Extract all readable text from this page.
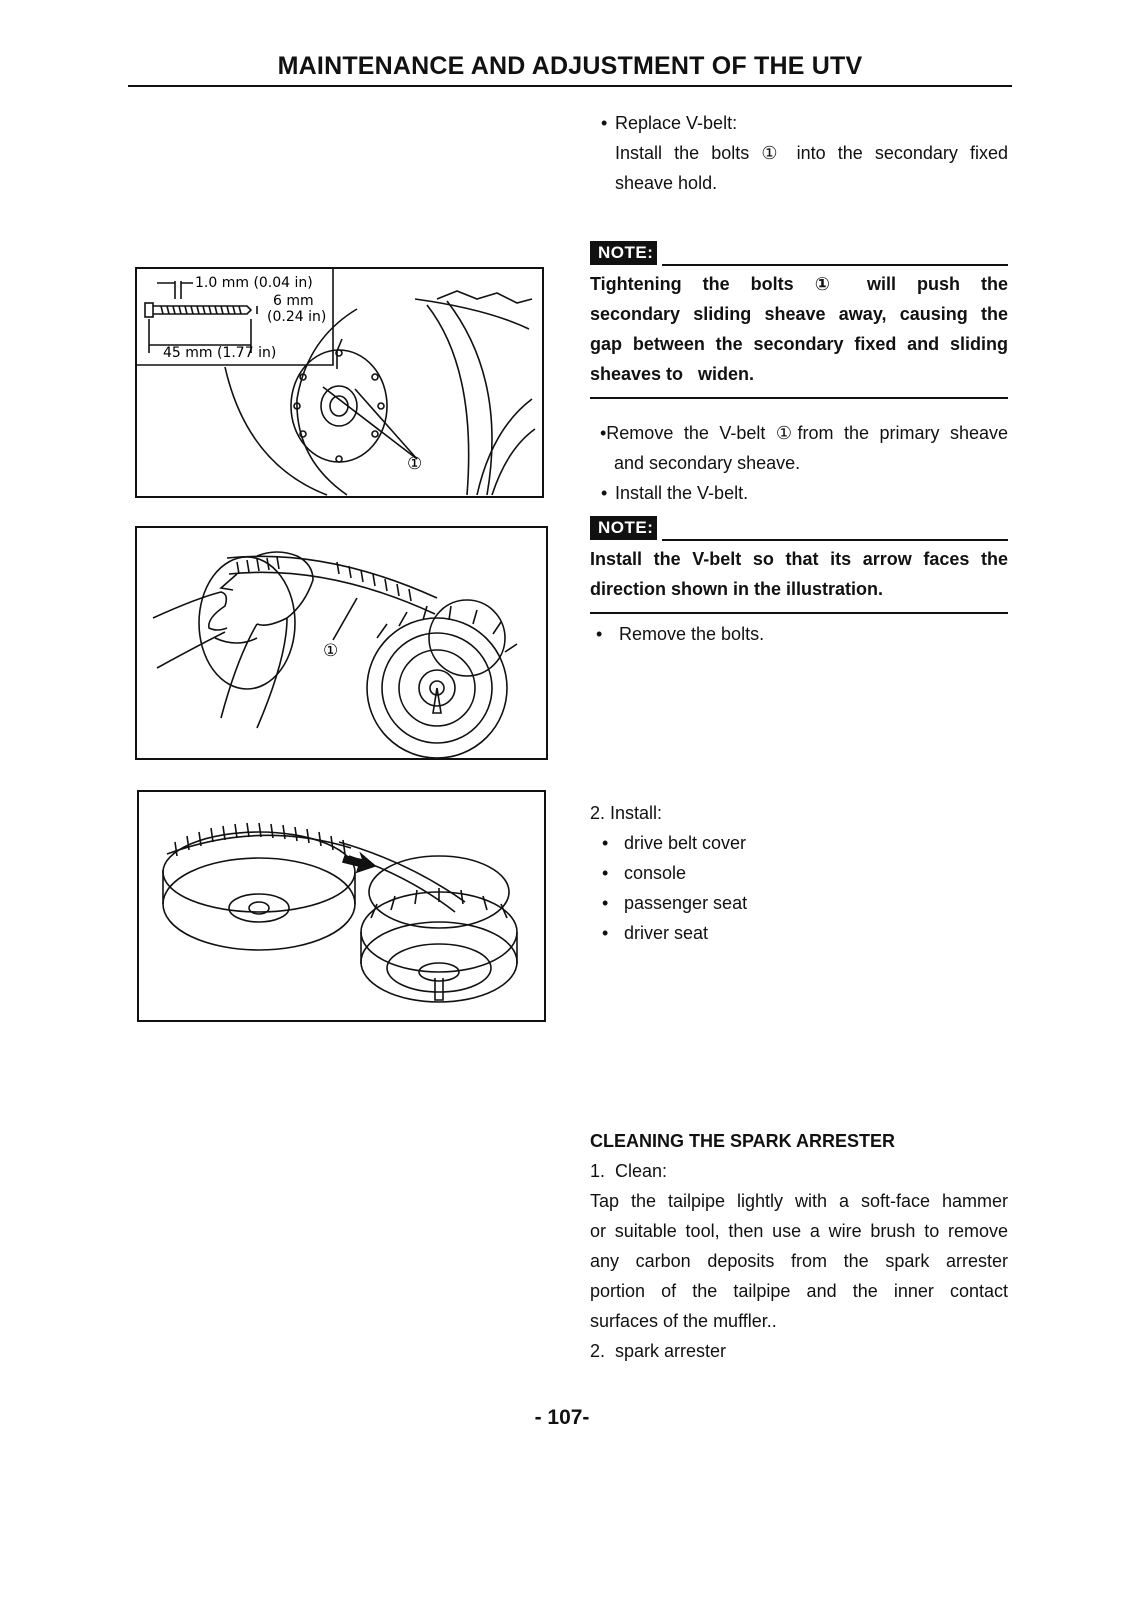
MAINTENANCE AND ADJUSTMENT OF THE UTV
• Replace V-belt:
Install the bolts ① into the secondary fixed
sheave hold.
NOTE:
Tightening the bolts ① will push the
secondary sliding sheave away, causing the
gap between the secondary fixed and sliding
sheaves to   widen.
•Remove the V-belt ①from the primary sheave
and secondary sheave.
• Install the V-belt.
NOTE:
Install the V-belt so that its arrow faces the
direction shown in the illustration.
• Remove the bolts.
2. Install:
• drive belt cover
• console
• passenger seat
• driver seat
CLEANING THE SPARK ARRESTER
1.  Clean:
Tap the tailpipe lightly with a soft-face hammer
or suitable tool, then use a wire brush to remove
any carbon deposits from the spark arrester
portion of the tailpipe and the inner contact
surfaces of the muffler..
2.  spark arrester
1.0 mm (0.04 in)
6 mm
(0.24 in)
45 mm (1.77 in)
①
①
- 107-
